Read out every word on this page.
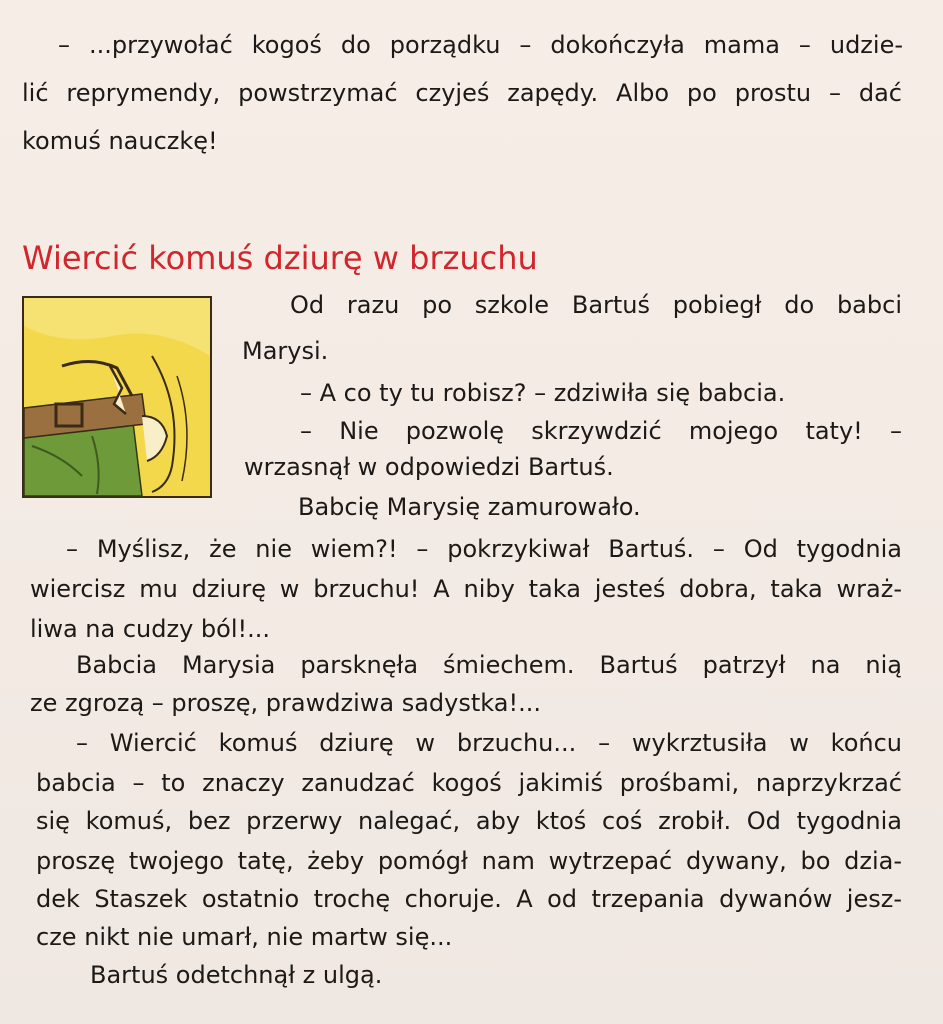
– ...przywołać kogoś do porządku – dokończyła mama – udzie-
lić reprymendy, powstrzymać czyjeś zapędy. Albo po prostu – dać
komuś nauczkę!
Wiercić komuś dziurę w brzuchu
Od razu po szkole Bartuś pobiegł do babci
Marysi.
– A co ty tu robisz? – zdziwiła się babcia.
– Nie pozwolę skrzywdzić mojego taty! –
wrzasnął w odpowiedzi Bartuś.
Babcię Marysię zamurowało.
– Myślisz, że nie wiem?! – pokrzykiwał Bartuś. – Od tygodnia
wiercisz mu dziurę w brzuchu! A niby taka jesteś dobra, taka wraż-
liwa na cudzy ból!...
Babcia Marysia parsknęła śmiechem. Bartuś patrzył na nią
ze zgrozą – proszę, prawdziwa sadystka!...
– Wiercić komuś dziurę w brzuchu... – wykrztusiła w końcu
babcia – to znaczy zanudzać kogoś jakimiś prośbami, naprzykrzać
się komuś, bez przerwy nalegać, aby ktoś coś zrobił. Od tygodnia
proszę twojego tatę, żeby pomógł nam wytrzepać dywany, bo dzia-
dek Staszek ostatnio trochę choruje. A od trzepania dywanów jesz-
cze nikt nie umarł, nie martw się...
Bartuś odetchnął z ulgą.
